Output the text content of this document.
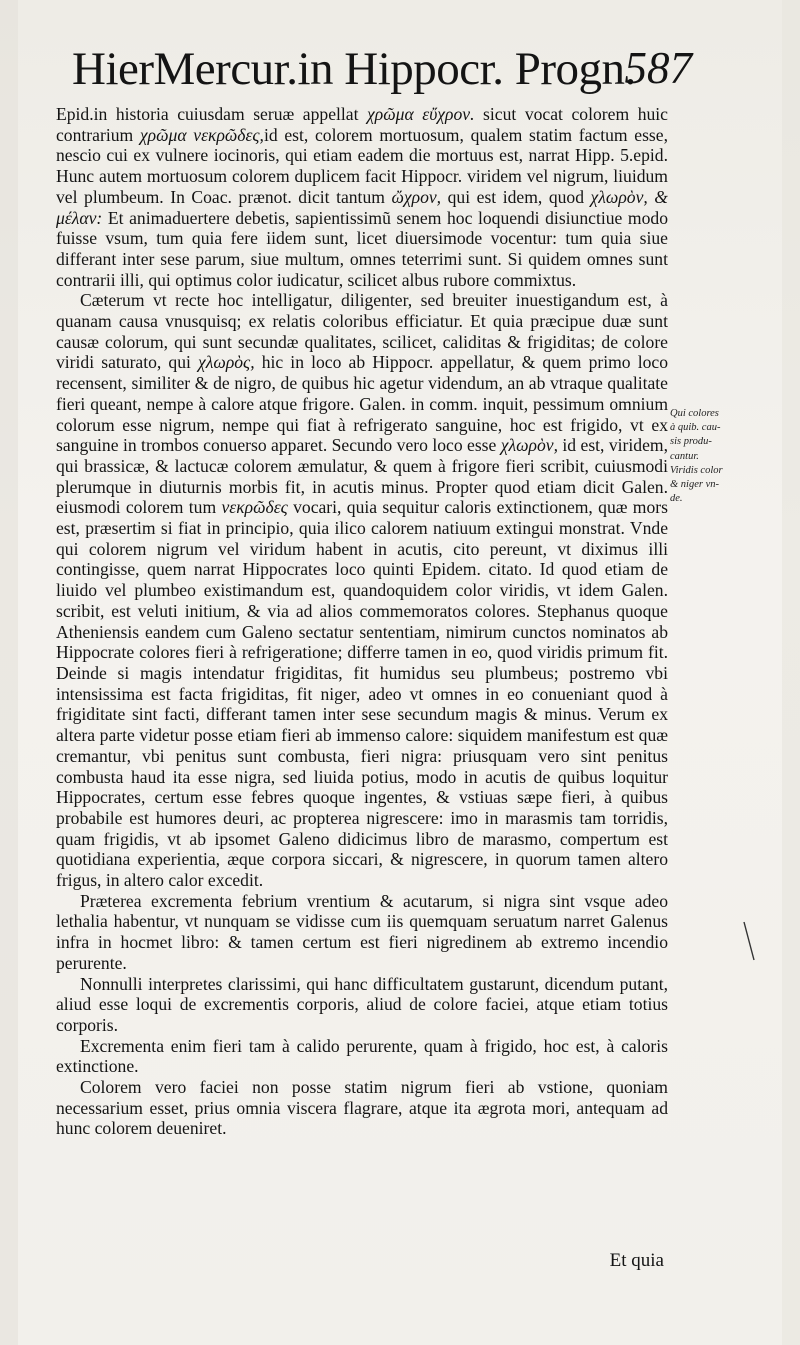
HierMercur.in Hippocr. Progn.
587

Epid.in historia cuiusdam seruæ appellat χρῶμα εὔχρον. sicut vocat colorem huic contrarium χρῶμα νεκρῶδες,id est, colorem mortuosum, qualem statim factum esse, nescio cui ex vulnere iocinoris, qui etiam eadem die mortuus est, narrat Hipp. 5.epid. Hunc autem mortuosum colorem duplicem facit Hippocr. viridem vel nigrum, liuidum vel plumbeum. In Coac. prænot. dicit tantum ὤχρον, qui est idem, quod χλωρὸν, & μέλαν: Et animaduertere debetis, sapientissimũ senem hoc loquendi disiunctiue modo fuisse vsum, tum quia fere iidem sunt, licet diuersimode vocentur: tum quia siue differant inter sese parum, siue multum, omnes teterrimi sunt. Si quidem omnes sunt contrarii illi, qui optimus color iudicatur, scilicet albus rubore commixtus.

Cæterum vt recte hoc intelligatur, diligenter, sed breuiter inuestigandum est, à quanam causa vnusquisq; ex relatis coloribus efficiatur. Et quia præcipue duæ sunt causæ colorum, qui sunt secundæ qualitates, scilicet, caliditas & frigiditas; de colore viridi saturato, qui χλωρὸς, hic in loco ab Hippocr. appellatur, & quem primo loco recensent, similiter & de nigro, de quibus hic agetur videndum, an ab vtraque qualitate fieri queant, nempe à calore atque frigore. Galen. in comm. inquit, pessimum omnium colorum esse nigrum, nempe qui fiat à refrigerato sanguine, hoc est frigido, vt ex sanguine in trombos conuerso apparet. Secundo vero loco esse χλωρὸν, id est, viridem, qui brassicæ, & lactucæ colorem æmulatur, & quem à frigore fieri scribit, cuiusmodi plerumque in diuturnis morbis fit, in acutis minus. Propter quod etiam dicit Galen. eiusmodi colorem tum νεκρῶδες vocari, quia sequitur caloris extinctionem, quæ mors est, præsertim si fiat in principio, quia ilico calorem natiuum extingui monstrat. Vnde qui colorem nigrum vel viridum habent in acutis, cito pereunt, vt diximus illi contingisse, quem narrat Hippocrates loco quinti Epidem. citato. Id quod etiam de liuido vel plumbeo existimandum est, quandoquidem color viridis, vt idem Galen. scribit, est veluti initium, & via ad alios commemoratos colores. Stephanus quoque Atheniensis eandem cum Galeno sectatur sententiam, nimirum cunctos nominatos ab Hippocrate colores fieri à refrigeratione; differre tamen in eo, quod viridis primum fit. Deinde si magis intendatur frigiditas, fit humidus seu plumbeus; postremo vbi intensissima est facta frigiditas, fit niger, adeo vt omnes in eo conueniant quod à frigiditate sint facti, differant tamen inter sese secundum magis & minus. Verum ex altera parte videtur posse etiam fieri ab immenso calore: siquidem manifestum est quæ cremantur, vbi penitus sunt combusta, fieri nigra: priusquam vero sint penitus combusta haud ita esse nigra, sed liuida potius, modo in acutis de quibus loquitur Hippocrates, certum esse febres quoque ingentes, & vstiuas sæpe fieri, à quibus probabile est humores deuri, ac propterea nigrescere: imo in marasmis tam torridis, quam frigidis, vt ab ipsomet Galeno didicimus libro de marasmo, compertum est quotidiana experientia, æque corpora siccari, & nigrescere, in quorum tamen altero frigus, in altero calor excedit.

Præterea excrementa febrium vrentium & acutarum, si nigra sint vsque adeo lethalia habentur, vt nunquam se vidisse cum iis quemquam seruatum narret Galenus infra in hocmet libro: & tamen certum est fieri nigredinem ab extremo incendio perurente.

Nonnulli interpretes clarissimi, qui hanc difficultatem gustarunt, dicendum putant, aliud esse loqui de excrementis corporis, aliud de colore faciei, atque etiam totius corporis.

Excrementa enim fieri tam à calido perurente, quam à frigido, hoc est, à caloris extinctione.

Colorem vero faciei non posse statim nigrum fieri ab vstione, quoniam necessarium esset, prius omnia viscera flagrare, atque ita ægrota mori, antequam ad hunc colorem deueniret.

Qui colores
à quib. cau-
sis produ-
cantur.
Viridis color
& niger vn-
de.
Et quia
